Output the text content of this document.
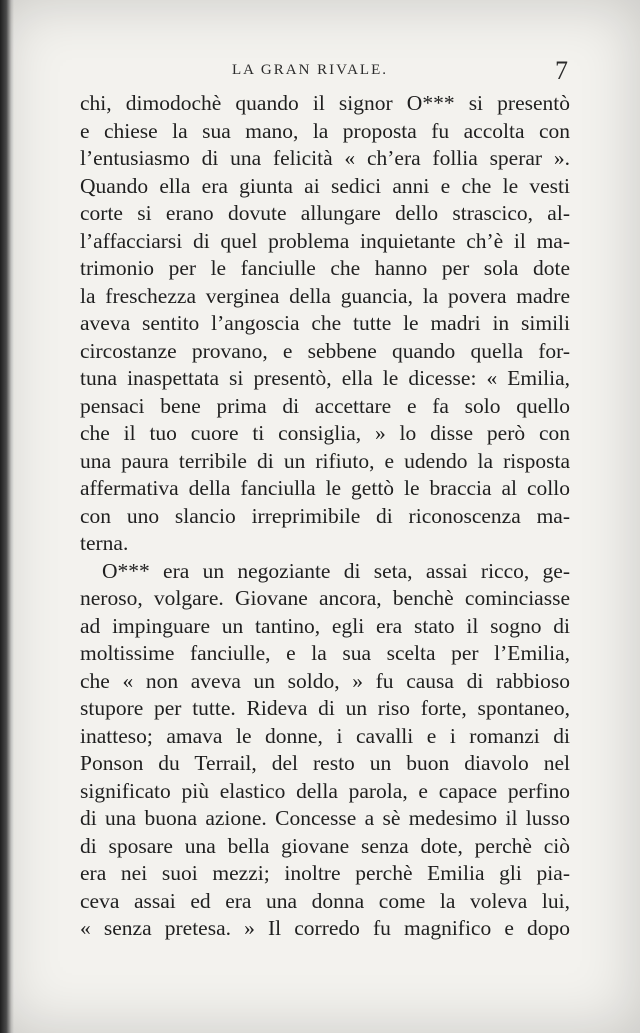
LA GRAN RIVALE.	7
chi, dimodochè quando il signor O*** si presentò
e chiese la sua mano, la proposta fu accolta con
l’entusiasmo di una felicità « ch’era follia sperar ».
Quando ella era giunta ai sedici anni e che le vesti
corte si erano dovute allungare dello strascico, al-
l’affacciarsi di quel problema inquietante ch’è il ma-
trimonio per le fanciulle che hanno per sola dote
la freschezza verginea della guancia, la povera madre
aveva sentito l’angoscia che tutte le madri in simili
circostanze provano, e sebbene quando quella for-
tuna inaspettata si presentò, ella le dicesse: « Emilia,
pensaci bene prima di accettare e fa solo quello
che il tuo cuore ti consiglia, » lo disse però con
una paura terribile di un rifiuto, e udendo la risposta
affermativa della fanciulla le gettò le braccia al collo
con uno slancio irreprimibile di riconoscenza ma-
terna.
O*** era un negoziante di seta, assai ricco, ge-
neroso, volgare. Giovane ancora, benchè cominciasse
ad impinguare un tantino, egli era stato il sogno di
moltissime fanciulle, e la sua scelta per l’Emilia,
che « non aveva un soldo, » fu causa di rabbioso
stupore per tutte. Rideva di un riso forte, spontaneo,
inatteso; amava le donne, i cavalli e i romanzi di
Ponson du Terrail, del resto un buon diavolo nel
significato più elastico della parola, e capace perfino
di una buona azione. Concesse a sè medesimo il lusso
di sposare una bella giovane senza dote, perchè ciò
era nei suoi mezzi; inoltre perchè Emilia gli pia-
ceva assai ed era una donna come la voleva lui,
« senza pretesa. » Il corredo fu magnifico e dopo
